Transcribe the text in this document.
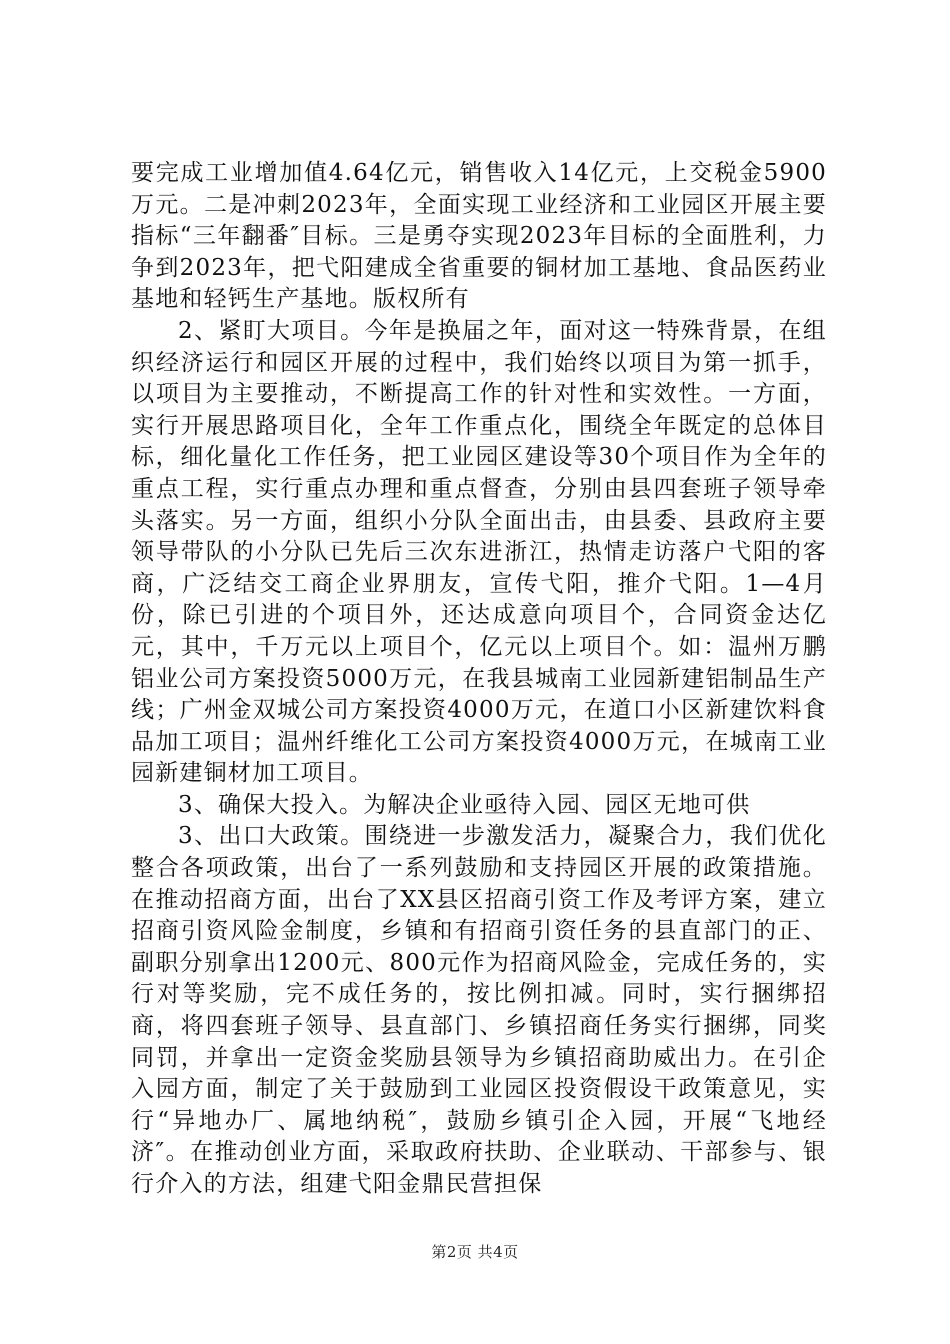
要完成工业增加值4.64亿元，销售收入14亿元，上交税金5900万元。二是冲刺2023年，全面实现工业经济和工业园区开展主要指标“三年翻番″目标。三是勇夺实现2023年目标的全面胜利，力争到2023年，把弋阳建成全省重要的铜材加工基地、食品医药业基地和轻钙生产基地。版权所有

2、紧盯大项目。今年是换届之年，面对这一特殊背景，在组织经济运行和园区开展的过程中，我们始终以项目为第一抓手，以项目为主要推动，不断提高工作的针对性和实效性。一方面，实行开展思路项目化，全年工作重点化，围绕全年既定的总体目标，细化量化工作任务，把工业园区建设等30个项目作为全年的重点工程，实行重点办理和重点督查，分别由县四套班子领导牵头落实。另一方面，组织小分队全面出击，由县委、县政府主要领导带队的小分队已先后三次东进浙江，热情走访落户弋阳的客商，广泛结交工商企业界朋友，宣传弋阳，推介弋阳。1—4月份，除已引进的个项目外，还达成意向项目个，合同资金达亿元，其中，千万元以上项目个，亿元以上项目个。如：温州万鹏铝业公司方案投资5000万元，在我县城南工业园新建铝制品生产线；广州金双城公司方案投资4000万元，在道口小区新建饮料食品加工项目；温州纤维化工公司方案投资4000万元，在城南工业园新建铜材加工项目。

3、确保大投入。为解决企业亟待入园、园区无地可供

3、出口大政策。围绕进一步激发活力，凝聚合力，我们优化整合各项政策，出台了一系列鼓励和支持园区开展的政策措施。在推动招商方面，出台了XX县区招商引资工作及考评方案，建立招商引资风险金制度，乡镇和有招商引资任务的县直部门的正、副职分别拿出1200元、800元作为招商风险金，完成任务的，实行对等奖励，完不成任务的，按比例扣减。同时，实行捆绑招商，将四套班子领导、县直部门、乡镇招商任务实行捆绑，同奖同罚，并拿出一定资金奖励县领导为乡镇招商助威出力。在引企入园方面，制定了关于鼓励到工业园区投资假设干政策意见，实行“异地办厂、属地纳税″，鼓励乡镇引企入园，开展“飞地经济″。在推动创业方面，采取政府扶助、企业联动、干部参与、银行介入的方法，组建弋阳金鼎民营担保

第2页 共4页
